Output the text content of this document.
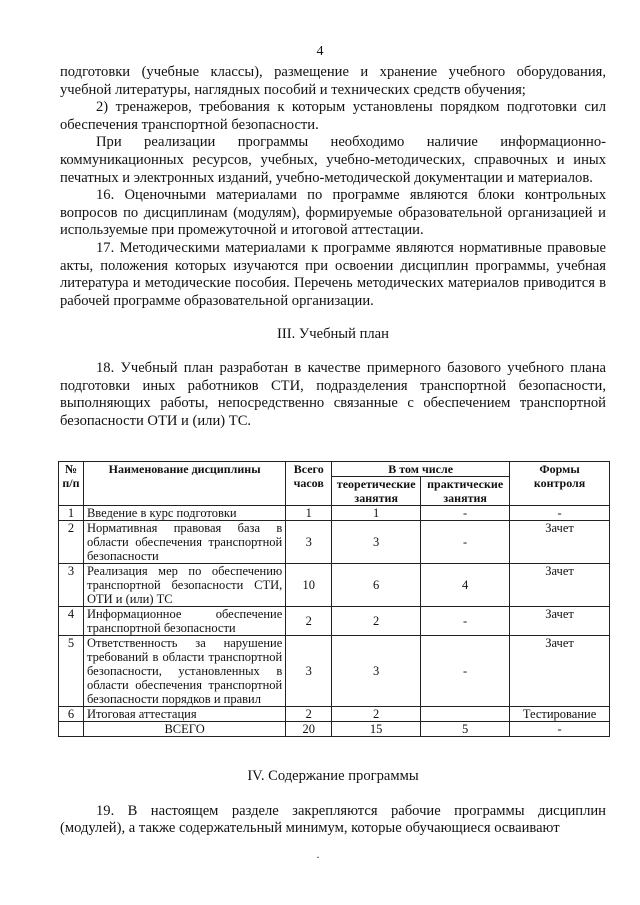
4

подготовки (учебные классы), размещение и хранение учебного оборудования, учебной литературы, наглядных пособий и технических средств обучения;

2) тренажеров, требования к которым установлены порядком подготовки сил обеспечения транспортной безопасности.

При реализации программы необходимо наличие информационно-коммуникационных ресурсов, учебных, учебно-методических, справочных и иных печатных и электронных изданий, учебно-методической документации и материалов.

16. Оценочными материалами по программе являются блоки контрольных вопросов по дисциплинам (модулям), формируемые образовательной организацией и используемые при промежуточной и итоговой аттестации.

17. Методическими материалами к программе являются нормативные правовые акты, положения которых изучаются при освоении дисциплин программы, учебная литература и методические пособия. Перечень методических материалов приводится в рабочей программе образовательной организации.

III. Учебный план

18. Учебный план разработан в качестве примерного базового учебного плана подготовки иных работников СТИ, подразделения транспортной безопасности, выполняющих работы, непосредственно связанные с обеспечением транспортной безопасности ОТИ и (или) ТС.

№ п/п	Наименование дисциплины	Всего часов	В том числе		Формы контроля
			теоретические занятия	практические занятия	
1	Введение в курс подготовки	1	1	-	-
2	Нормативная правовая база в области обеспечения транспортной безопасности	3	3	-	Зачет
3	Реализация мер по обеспечению транспортной безопасности СТИ, ОТИ и (или) ТС	10	6	4	Зачет
4	Информационное обеспечение транспортной безопасности	2	2	-	Зачет
5	Ответственность за нарушение требований в области транспортной безопасности, установленных в области обеспечения транспортной безопасности порядков и правил	3	3	-	Зачет
6	Итоговая аттестация	2	2		Тестирование
	ВСЕГО	20	15	5	-

IV. Содержание программы

19. В настоящем разделе закрепляются рабочие программы дисциплин (модулей), а также содержательный минимум, которые обучающиеся осваивают

·
